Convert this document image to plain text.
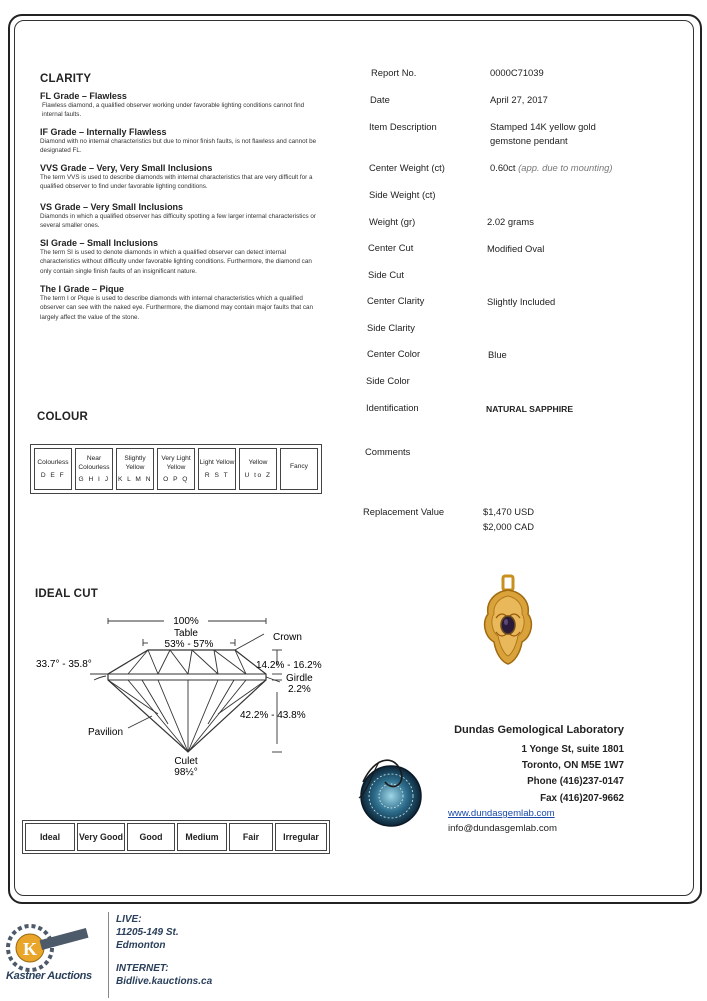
CLARITY
FL Grade – Flawless
Flawless diamond, a qualified observer working under favorable lighting conditions cannot find internal faults.
IF Grade – Internally Flawless
Diamond with no internal characteristics but due to minor finish faults, is not flawless and cannot be designated FL.
VVS Grade – Very, Very Small Inclusions
The term VVS is used to describe diamonds with internal characteristics that are very difficult for a qualified observer to find under favorable lighting conditions.
VS Grade – Very Small Inclusions
Diamonds in which a qualified observer has difficulty spotting a few larger internal characteristics or several smaller ones.
SI Grade – Small Inclusions
The term SI is used to denote diamonds in which a qualified observer can detect internal characteristics without difficulty under favorable lighting conditions. Furthermore, the diamond can only contain single finish faults of an insignificant nature.
The I Grade – Pique
The term I or Pique is used to describe diamonds with internal characteristics which a qualified observer can see with the naked eye. Furthermore, the diamond may contain major faults that can largely affect the value of the stone.
COLOUR
Colourless
D E F

Near Colourless
G H I J

Slightly Yellow
K L M N

Very Light Yellow
O P Q

Light Yellow
R S T

Yellow
U to Z

Fancy
IDEAL CUT
100%
Table
53% - 57%
Crown
33.7° - 35.8°	14.2% - 16.2%
Girdle
2.2%
42.2% - 43.8%
Pavilion
Culet
98½°
Ideal	Very Good	Good	Medium	Fair	Irregular
Report No.	0000C71039
Date	April 27, 2017
Item Description	Stamped 14K yellow gold gemstone pendant
Center Weight (ct)	0.60ct (app. due to mounting)
Side Weight (ct)
Weight (gr)	2.02 grams
Center Cut	Modified Oval
Side Cut
Center Clarity	Slightly Included
Side Clarity
Center Color	Blue
Side Color
Identification	NATURAL SAPPHIRE
Comments
Replacement Value	$1,470 USD
$2,000 CAD
Dundas Gemological Laboratory
1 Yonge St, suite 1801
Toronto, ON M5E 1W7
Phone (416)237-0147
Fax (416)207-9662
www.dundasgemlab.com
info@dundasgemlab.com
K
Kastner Auctions
LIVE:
11205-149 St.
Edmonton
INTERNET:
Bidlive.kauctions.ca
